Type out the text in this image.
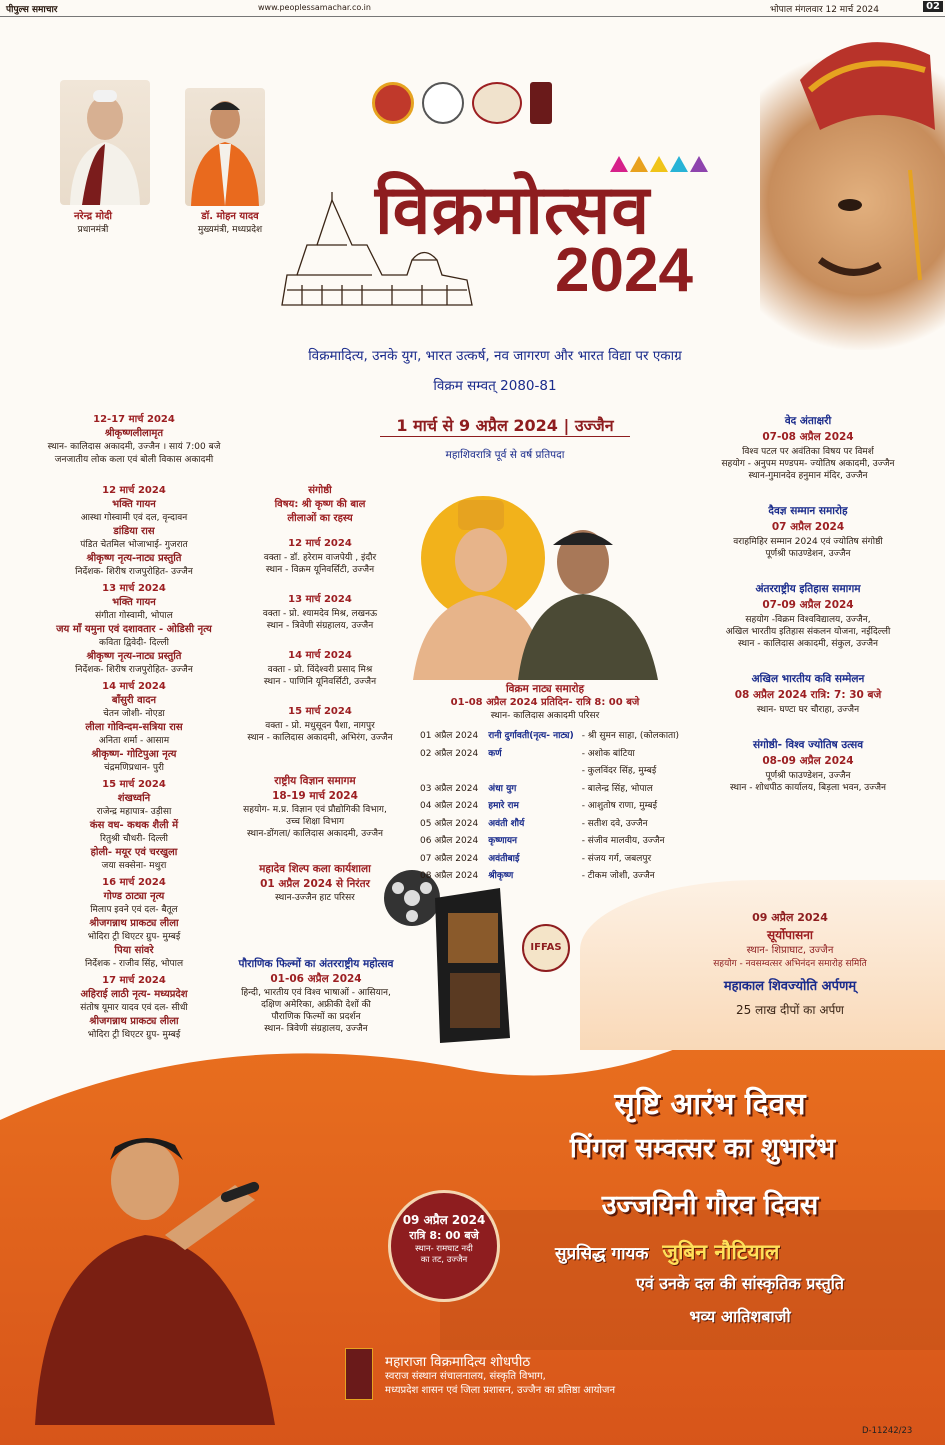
पीपुल्स समाचार	www.peoplessamachar.co.in	भोपाल मंगलवार 12 मार्च 2024	02
नरेन्द्र मोदी
प्रधानमंत्री
डॉ. मोहन यादव
मुख्यमंत्री, मध्यप्रदेश	विक्रमोत्सव
2024
विक्रमादित्य, उनके युग, भारत उत्कर्ष, नव जागरण और भारत विद्या पर एकाग्र
विक्रम सम्वत् 2080-81
1 मार्च से 9 अप्रैल 2024 | उज्जैन
महाशिवरात्रि पूर्व से वर्ष प्रतिपदा
12-17 मार्च 2024
श्रीकृष्णलीलामृत
स्थान- कालिदास अकादमी, उज्जैन । सायं 7:00 बजे
जनजातीय लोक कला एवं बोली विकास अकादमी
12 मार्च 2024
भक्ति गायन
आस्था गोस्वामी एवं दल, वृन्दावन
डांडिया रास
पंडित चेतमिल भोजाभाई- गुजरात
श्रीकृष्ण नृत्य-नाट्य प्रस्तुति
निर्देशक- शिरीष राजपुरोहित- उज्जैन
13 मार्च 2024
भक्ति गायन
संगीता गोस्वामी, भोपाल
जय माँ यमुना एवं दशावतार - ओडिसी नृत्य
कविता द्विवेदी- दिल्ली
श्रीकृष्ण नृत्य-नाट्य प्रस्तुति
निर्देशक- शिरीष राजपुरोहित- उज्जैन
14 मार्च 2024
बाँसुरी वादन
चेतन जोशी- नोएडा
लीला गोविन्दम-सत्रिया रास
अनिता शर्मा - आसाम
श्रीकृष्ण- गोटिपुआ नृत्य
चंद्रमणिप्रधान- पुरी
15 मार्च 2024
शंखध्वनि
राजेन्द्र महापात्र- उड़ीसा
कंस वध- कथक शैली में
रितुश्री चौधरी- दिल्ली
होली- मयूर एवं चरखुला
जया सक्सेना- मथुरा
16 मार्च 2024
गोण्ड ठाट्या नृत्य
मिलाप इवने एवं दल- बैतूल
श्रीजगन्नाथ प्राकट्य लीला
भोदिरा ट्री थिएटर ग्रुप- मुम्बई
पिया सांवरे
निर्देशक - राजीव सिंह, भोपाल
17 मार्च 2024
अहिराई लाठी नृत्य- मध्यप्रदेश
संतोष यूमार यादव एवं दल- सीधी
श्रीजगन्नाथ प्राकट्य लीला
भोदिरा ट्री थिएटर ग्रुप- मुम्बई
संगोष्ठी
विषय: श्री कृष्ण की बाल
लीलाओं का रहस्य
12 मार्च 2024
वक्ता - डॉ. हरेराम वाजपेयी , इंदौर
स्थान - विक्रम यूनिवर्सिटी, उज्जैन
13 मार्च 2024
वक्ता - प्रो. श्यामदेव मिश्र, लखनऊ
स्थान - त्रिवेणी संग्रहालय, उज्जैन
14 मार्च 2024
वक्ता - प्रो. विंदेश्वरी प्रसाद मिश्र
स्थान - पाणिनि यूनिवर्सिटी, उज्जैन
15 मार्च 2024
वक्ता - प्रो. मधुसूदन पैशा, नागपुर
स्थान - कालिदास अकादमी, अभिरंग, उज्जैन
राष्ट्रीय विज्ञान समागम
18-19 मार्च 2024
सहयोग- म.प्र. विज्ञान एवं प्रौद्योगिकी विभाग,
उच्च शिक्षा विभाग
स्थान-डोंगला/ कालिदास अकादमी, उज्जैन
महादेव शिल्प कला कार्यशाला
01 अप्रैल 2024 से निरंतर
स्थान-उज्जैन हाट परिसर
पौराणिक फिल्मों का अंतरराष्ट्रीय महोत्सव
01-06 अप्रैल 2024
हिन्दी, भारतीय एवं विश्व भाषाओं - आसियान,
दक्षिण अमेरिका, अफ्रीकी देशों की
पौराणिक फिल्मों का प्रदर्शन
स्थान- त्रिवेणी संग्रहालय, उज्जैन
IFFAS
विक्रम नाट्य समारोह
01-08 अप्रैल 2024 प्रतिदिन- रात्रि 8: 00 बजे
स्थान- कालिदास अकादमी परिसर
01 अप्रैल 2024	रानी दुर्गावती(नृत्य- नाट्य)	- श्री सुमन साहा, (कोलकाता)
02 अप्रैल 2024	कर्ण	- अशोक बांटिया
		- कुलविंदर सिंह, मुम्बई
03 अप्रैल 2024	अंधा युग	- बालेन्द्र सिंह, भोपाल
04 अप्रैल 2024	हमारे राम	- आशुतोष राणा, मुम्बई
05 अप्रैल 2024	अवंती शौर्य	- सतीश दवे, उज्जैन
06 अप्रैल 2024	कृष्णायन	- संजीव मालवीय, उज्जैन
07 अप्रैल 2024	अवंतीबाई	- संजय गर्ग, जबलपुर
08 अप्रैल 2024	श्रीकृष्ण	- टीकम जोशी, उज्जैन
वेद अंताक्षरी
07-08 अप्रैल 2024
विश्व पटल पर अवंतिका विषय पर विमर्श
सहयोग - अनुपम मण्डपम- ज्योतिष अकादमी, उज्जैन
स्थान-गुमानदेव हनुमान मंदिर, उज्जैन
दैवज्ञ सम्मान समारोह
07 अप्रैल 2024
वराहमिहिर सम्मान 2024 एवं ज्योतिष संगोष्ठी
पूर्णश्री फाउण्डेशन, उज्जैन
अंतरराष्ट्रीय इतिहास समागम
07-09 अप्रैल 2024
सहयोग -विक्रम विश्वविद्यालय, उज्जैन,
अखिल भारतीय इतिहास संकलन योजना, नईदिल्ली
स्थान - कालिदास अकादमी, संकुल, उज्जैन
अखिल भारतीय कवि सम्मेलन
08 अप्रैल 2024 रात्रि: 7: 30 बजे
स्थान- घण्टा घर चौराहा, उज्जैन
संगोष्ठी- विश्व ज्योतिष उत्सव
08-09 अप्रैल 2024
पूर्णश्री फाउण्डेशन, उज्जैन
स्थान - शोधपीठ कार्यालय, बिड़ला भवन, उज्जैन
09 अप्रैल 2024
सूर्योपासना
स्थान- शिप्राघाट, उज्जैन
सहयोग - नवसम्वत्सर अभिनंदन समारोह समिति
महाकाल शिवज्योति अर्पणम्
25 लाख दीपों का अर्पण
सृष्टि आरंभ दिवस
पिंगल सम्वत्सर का शुभारंभ
उज्जयिनी गौरव दिवस
09 अप्रैल 2024
रात्रि 8: 00 बजे
स्थान- रामघाट नदी
का तट, उज्जैन	सुप्रसिद्ध गायक जुबिन नौटियाल
एवं उनके दल की सांस्कृतिक प्रस्तुति
भव्य आतिशबाजी
महाराजा विक्रमादित्य शोधपीठ
स्वराज संस्थान संचालनालय, संस्कृति विभाग,
मध्यप्रदेश शासन एवं जिला प्रशासन, उज्जैन का प्रतिष्ठा आयोजन
D-11242/23
